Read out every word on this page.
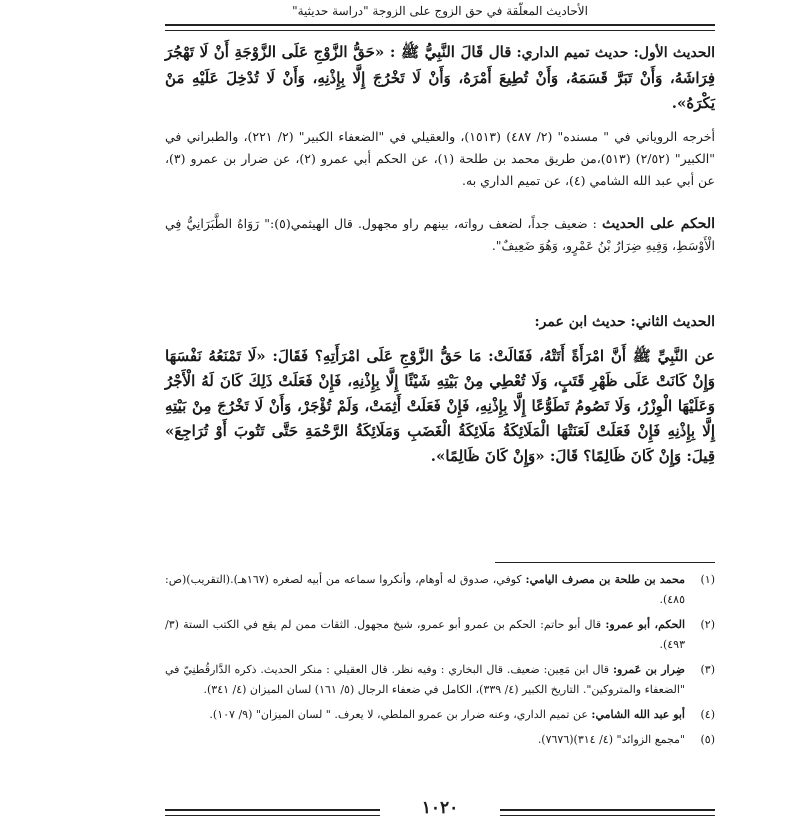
الأحاديث المعلّقة في حق الزوج على الزوجة "دراسة حديثية"

الحديث الأول: حديث تميم الداري: قال قَالَ النَّبِيُّ ﷺ : «حَقُّ الزَّوْجِ عَلَى الزَّوْجَةِ أَنْ لَا تَهْجُرَ فِرَاشَهُ، وَأَنْ تَبَرَّ قَسَمَهُ، وَأَنْ تُطِيعَ أَمْرَهُ، وَأَنْ لَا تَخْرُجَ إِلَّا بِإِذْنِهِ، وَأَنْ لَا تُدْخِلَ عَلَيْهِ مَنْ يَكْرَهُ».

أخرجه الروياني في " مسنده" (٢/ ٤٨٧) (١٥١٣)، والعقيلي في "الضعفاء الكبير" (٢/ ٢٢١)، والطبراني في "الكبير" (٢/٥٢) (٥١٣)،من طريق محمد بن طلحة (١)، عن الحكم أبي عمرو (٢)، عن ضرار بن عمرو (٣)، عن أبي عبد الله الشامي (٤)، عن تميم الداري به.

الحكم على الحديث : ضعيف جداً، لضعف رواته، بينهم راو مجهول. قال الهيثمي(٥):" رَوَاهُ الطَّبَرَانِيُّ فِي الْأَوْسَطِ، وَفِيهِ ضِرَارُ بْنُ عَمْرٍو، وَهُوَ ضَعِيفٌ".

الحديث الثاني: حديث ابن عمر:

عن النَّبِيِّ ﷺ أَنَّ امْرَأَةً أَتَتْهُ، فَقَالَتْ: مَا حَقُّ الزَّوْجِ عَلَى امْرَأَتِهِ؟ فَقَالَ: «لَا تَمْنَعُهُ نَفْسَهَا وَإِنْ كَانَتْ عَلَى ظَهْرِ قَتَبٍ، وَلَا تُعْطِي مِنْ بَيْتِهِ شَيْئًا إِلَّا بِإِذْنِهِ، فَإِنْ فَعَلَتْ ذَلِكَ كَانَ لَهُ الْأَجْرُ وَعَلَيْهَا الْوِزْرُ، وَلَا تَصُومُ تَطَوُّعًا إِلَّا بِإِذْنِهِ، فَإِنْ فَعَلَتْ أَثِمَتْ، وَلَمْ تُؤْجَرْ، وَأَنْ لَا تَخْرُجَ مِنْ بَيْتِهِ إِلَّا بِإِذْنِهِ فَإِنْ فَعَلَتْ لَعَنَتْهَا الْمَلَائِكَةُ مَلَائِكَةُ الْغَضَبِ وَمَلَائِكَةُ الرَّحْمَةِ حَتَّى تَتُوبَ أَوْ تُرَاجِعَ» قِيلَ: وَإِنْ كَانَ ظَالِمًا؟ قَالَ: «وَإِنْ كَانَ ظَالِمًا».

(١)
محمد بن طلحة بن مصرف اليامي: كوفي، صدوق له أوهام، وأنكروا سماعه من أبيه لصغره (١٦٧هـ).(التقريب)(ص: ٤٨٥).
(٢)
الحكم، أبو عمرو: قال أبو حاتم: الحكم بن عمرو أبو عمرو، شيخ مجهول. الثقات ممن لم يقع في الكتب الستة (٣/ ٤٩٣).
(٣)
ضِرار بن عَمرو: قال ابن مَعِين: ضعيف. قال البخاري : وفيه نظر. قال العقيلي : منكر الحديث. ذكره الدَّارقُطنِيّ في "الضعفاء والمتروكين". التاريخ الكبير (٤/ ٣٣٩)، الكامل في ضعفاء الرجال (٥/ ١٦١) لسان الميزان (٤/ ٣٤١).
(٤)
أبو عبد الله الشامي: عن تميم الداري، وعنه ضرار بن عمرو الملطي، لا يعرف. " لسان الميزان" (٩/ ١٠٧).
(٥)
"مجمع الزوائد" (٤/ ٣١٤)(٧٦٧٦).
١٠٢٠
